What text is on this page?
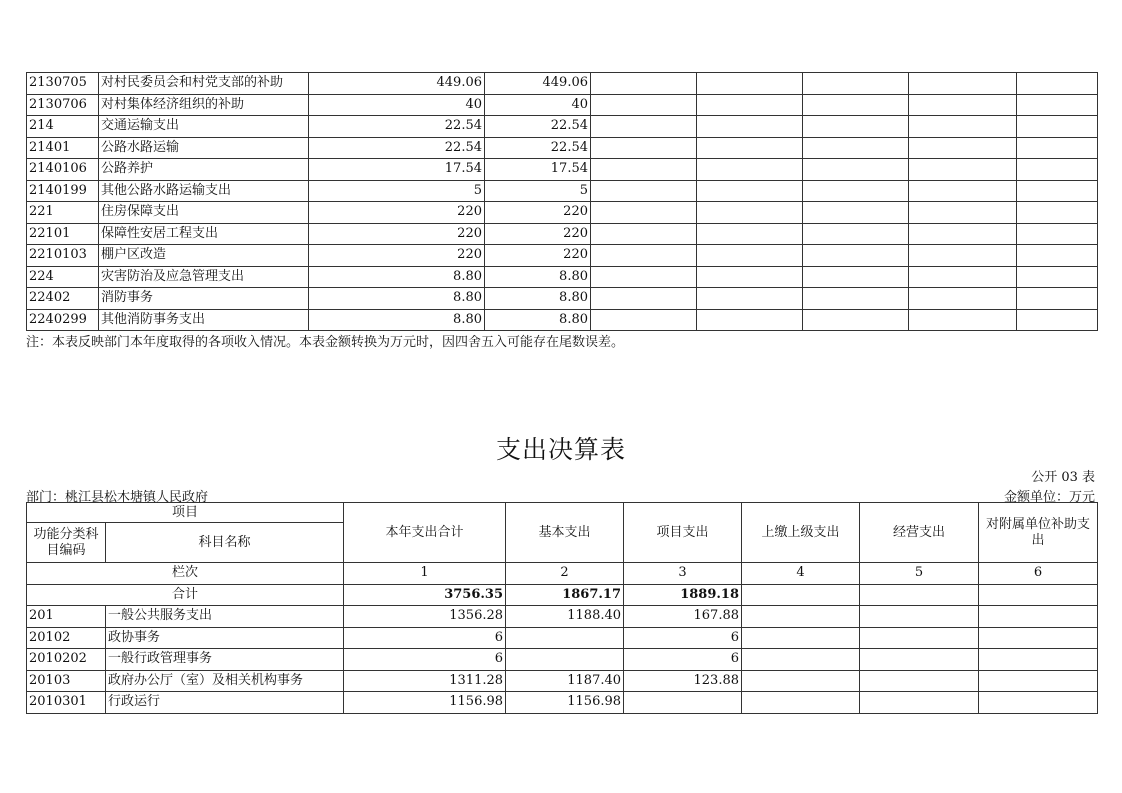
2130705	对村民委员会和村党支部的补助	449.06	449.06					
2130706	对村集体经济组织的补助	40	40					
214	交通运输支出	22.54	22.54					
21401	公路水路运输	22.54	22.54					
2140106	公路养护	17.54	17.54					
2140199	其他公路水路运输支出	5	5					
221	住房保障支出	220	220					
22101	保障性安居工程支出	220	220					
2210103	棚户区改造	220	220					
224	灾害防治及应急管理支出	8.80	8.80					
22402	消防事务	8.80	8.80					
2240299	其他消防事务支出	8.80	8.80					
注：本表反映部门本年度取得的各项收入情况。本表金额转换为万元时，因四舍五入可能存在尾数误差。
支出决算表
公开 03 表
部门：桃江县松木塘镇人民政府	金额单位：万元
项目		本年支出合计	基本支出	项目支出	上缴上级支出	经营支出	对附属单位补助支出
功能分类科目编码	科目名称						
栏次		1	2	3	4	5	6
合计		3756.35	1867.17	1889.18			
201	一般公共服务支出	1356.28	1188.40	167.88			
20102	政协事务	6		6			
2010202	一般行政管理事务	6		6			
20103	政府办公厅（室）及相关机构事务	1311.28	1187.40	123.88			
2010301	行政运行	1156.98	1156.98				
